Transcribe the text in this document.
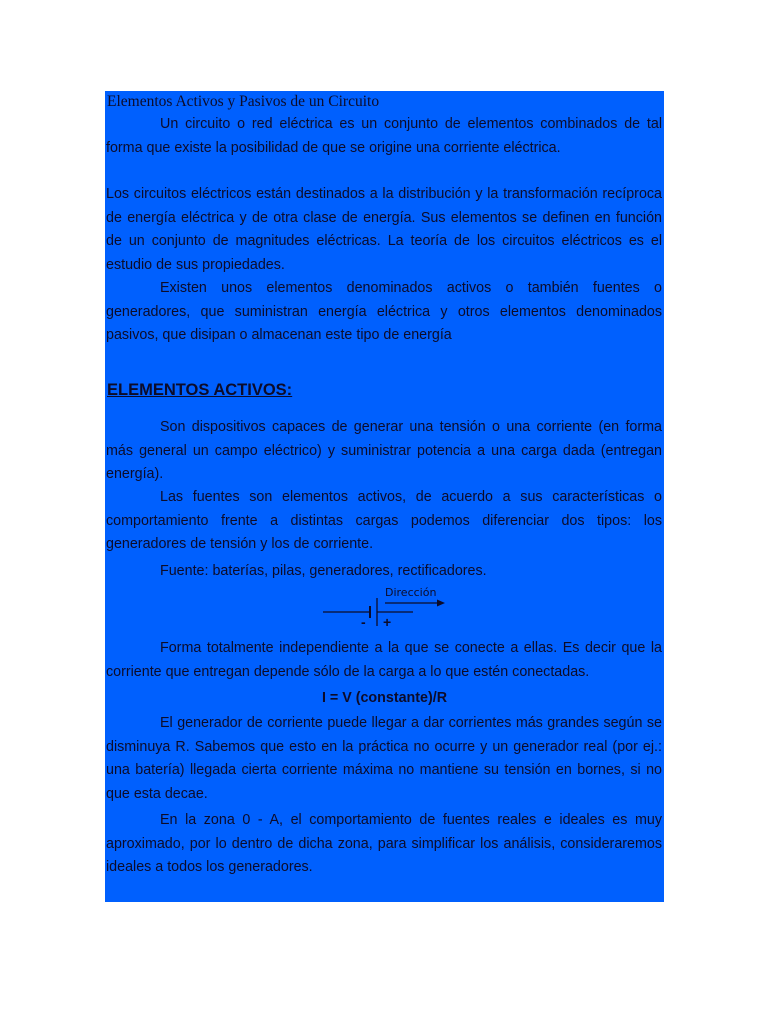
Elementos Activos y Pasivos de un Circuito

Un circuito o red eléctrica es un conjunto de elementos combinados de tal forma que existe la posibilidad de que se origine una corriente eléctrica.

Los circuitos eléctricos están destinados a la distribución y la transformación recíproca de energía eléctrica y de otra clase de energía. Sus elementos se definen en función de un conjunto de magnitudes eléctricas. La teoría de los circuitos eléctricos es el estudio de sus propiedades.

Existen unos elementos denominados activos o también fuentes o generadores, que suministran energía eléctrica y otros elementos denominados pasivos, que disipan o almacenan este tipo de energía

ELEMENTOS ACTIVOS:

Son dispositivos capaces de generar una tensión o una corriente (en forma más general un campo eléctrico) y suministrar potencia a una carga dada (entregan energía).

Las fuentes son elementos activos, de acuerdo a sus características o comportamiento frente a distintas cargas podemos diferenciar dos tipos: los generadores de tensión y los de corriente.

Fuente: baterías, pilas, generadores, rectificadores.

Dirección
- +

Forma totalmente independiente a la que se conecte a ellas. Es decir que la corriente que entregan depende sólo de la carga a lo que estén conectadas.

I = V (constante)/R

El generador de corriente puede llegar a dar corrientes más grandes según se disminuya R. Sabemos que esto en la práctica no ocurre y un generador real (por ej.: una batería) llegada cierta corriente máxima no mantiene su tensión en bornes, si no que esta decae.

En la zona 0 - A, el comportamiento de fuentes reales e ideales es muy aproximado, por lo dentro de dicha zona, para simplificar los análisis, consideraremos ideales a todos los generadores.
